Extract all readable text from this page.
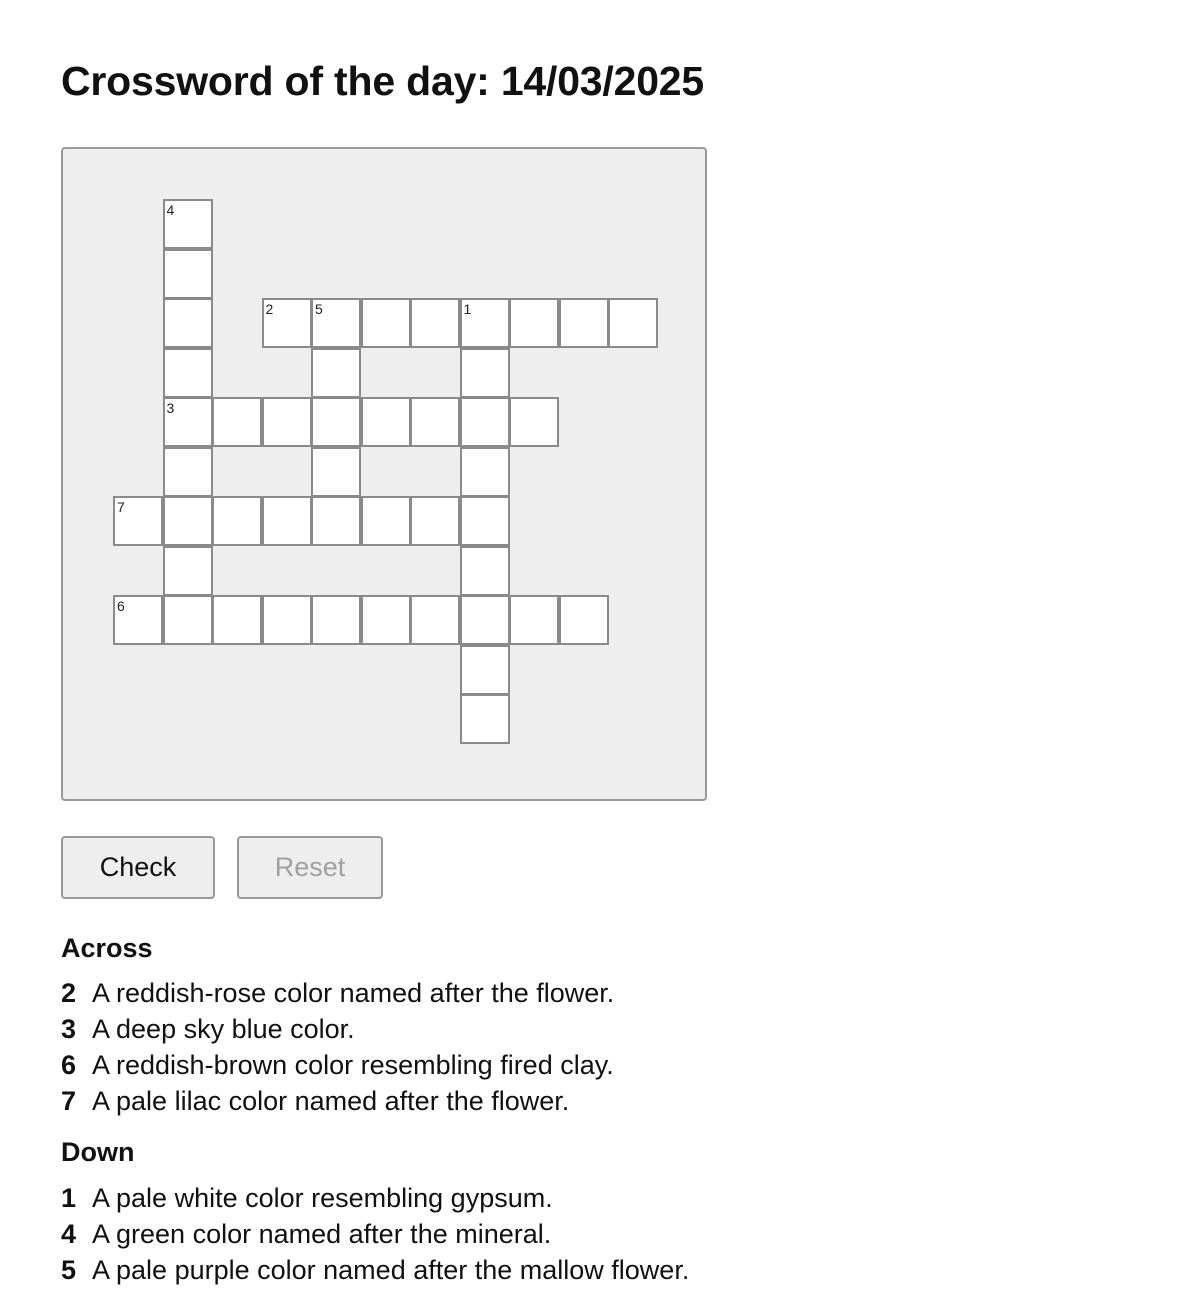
Crossword of the day: 14/03/2025
4
3
2	5	1
7
6
Check	Reset
Across
2 A reddish-rose color named after the flower.
3 A deep sky blue color.
6 A reddish-brown color resembling fired clay.
7 A pale lilac color named after the flower.
Down
1 A pale white color resembling gypsum.
4 A green color named after the mineral.
5 A pale purple color named after the mallow flower.
